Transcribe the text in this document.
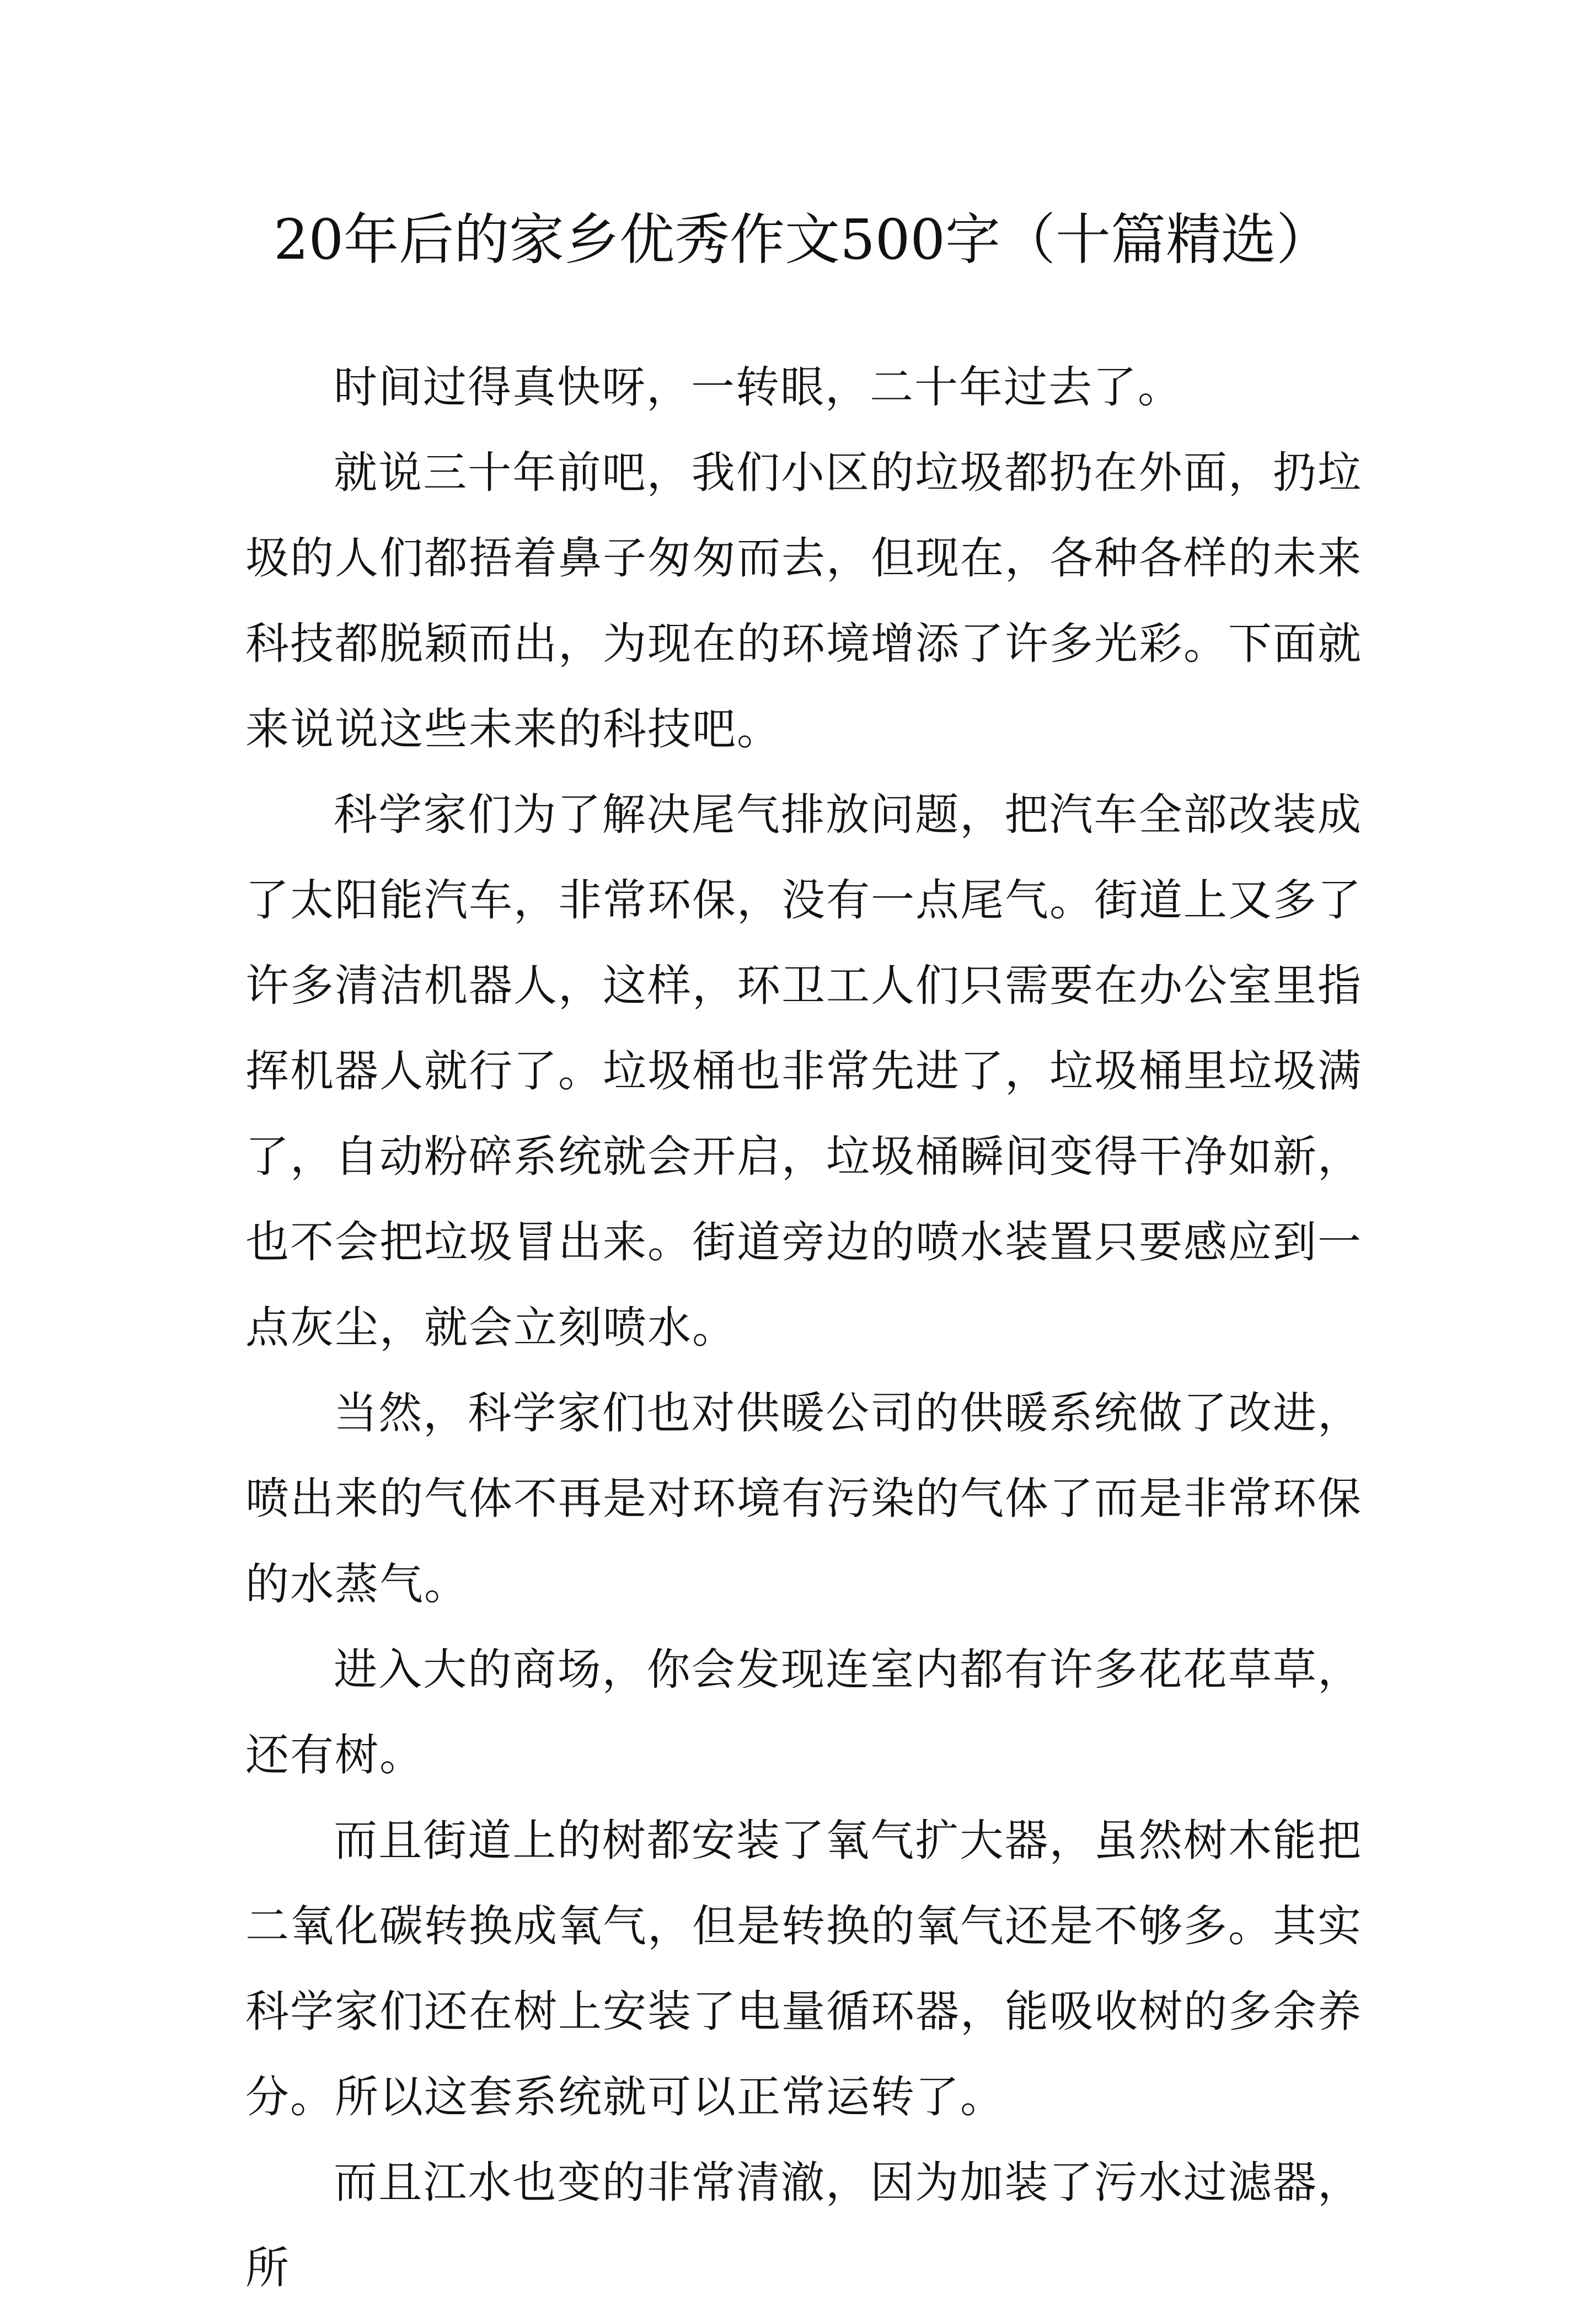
20年后的家乡优秀作文500字（十篇精选）

时间过得真快呀，一转眼，二十年过去了。

就说三十年前吧，我们小区的垃圾都扔在外面，扔垃圾的人们都捂着鼻子匆匆而去，但现在，各种各样的未来科技都脱颖而出，为现在的环境增添了许多光彩。下面就来说说这些未来的科技吧。

科学家们为了解决尾气排放问题，把汽车全部改装成了太阳能汽车，非常环保，没有一点尾气。街道上又多了许多清洁机器人，这样，环卫工人们只需要在办公室里指挥机器人就行了。垃圾桶也非常先进了，垃圾桶里垃圾满了，自动粉碎系统就会开启，垃圾桶瞬间变得干净如新，也不会把垃圾冒出来。街道旁边的喷水装置只要感应到一点灰尘，就会立刻喷水。

当然，科学家们也对供暖公司的供暖系统做了改进，喷出来的气体不再是对环境有污染的气体了而是非常环保的水蒸气。

进入大的商场，你会发现连室内都有许多花花草草，还有树。

而且街道上的树都安装了氧气扩大器，虽然树木能把二氧化碳转换成氧气，但是转换的氧气还是不够多。其实科学家们还在树上安装了电量循环器，能吸收树的多余养分。所以这套系统就可以正常运转了。

而且江水也变的非常清澈，因为加装了污水过滤器，所
